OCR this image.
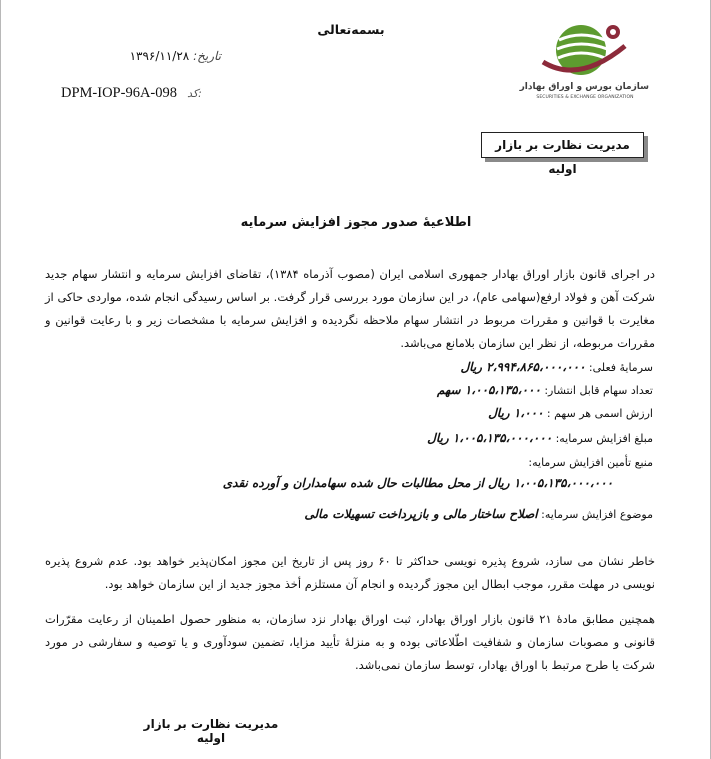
سازمان بورس و اوراق بهادار
SECURITIES & EXCHANGE ORGANIZATION
بسمه‌تعالی
تاریخ: ۱۳۹۶/۱۱/۲۸
DPM-IOP-96A-098 کد:
مدیریت نظارت بر بازار اولیه
اطلاعیهٔ صدور مجوز افزایش سرمایه
در اجرای قانون بازار اوراق بهادار جمهوری اسلامی ایران (مصوب آذرماه ۱۳۸۴)، تقاضای افزایش سرمایه و انتشار سهام جدید شرکت آهن و فولاد ارفع(سهامی عام)، در این سازمان مورد بررسی قرار گرفت. بر اساس رسیدگی انجام شده، مواردی حاکی از مغایرت با قوانین و مقررات مربوط در انتشار سهام ملاحظه نگردیده و افزایش سرمایه با مشخصات زیر و با رعایت قوانین و مقررات مربوطه، از نظر این سازمان بلامانع می‌باشد.
سرمایهٔ فعلی: ۲،۹۹۴،۸۶۵،۰۰۰،۰۰۰ ریال
تعداد سهام قابل انتشار: ۱،۰۰۵،۱۳۵،۰۰۰ سهم
ارزش اسمی هر سهم : ۱،۰۰۰ ریال
مبلغ افزایش سرمایه: ۱،۰۰۵،۱۳۵،۰۰۰،۰۰۰ ریال
منبع تأمین افزایش سرمایه:
۱،۰۰۵،۱۳۵،۰۰۰،۰۰۰ ریال از محل مطالبات حال شده سهامداران و آورده نقدی
موضوع افزایش سرمایه: اصلاح ساختار مالی و بازپرداخت تسهیلات مالی
خاطر نشان می سازد، شروع پذیره نویسی حداکثر تا ۶۰ روز پس از تاریخ این مجوز امکان‌پذیر خواهد بود. عدم شروع پذیره نویسی در مهلت مقرر، موجب ابطال این مجوز گردیده و انجام آن مستلزم أخذ مجوز جدید از این سازمان خواهد بود.
همچنین مطابق مادهٔ ۲۱ قانون بازار اوراق بهادار، ثبت اوراق بهادار نزد سازمان، به منظور حصول اطمینان از رعایت مقرّرات قانونی و مصوبات سازمان و شفافیت اطّلاعاتی بوده و به منزلهٔ تأیید مزایا، تضمین سودآوری و یا توصیه و سفارشی در مورد شرکت یا طرح مرتبط با اوراق بهادار، توسط سازمان نمی‌باشد.
مدیریت نظارت بر بازار اولیه
